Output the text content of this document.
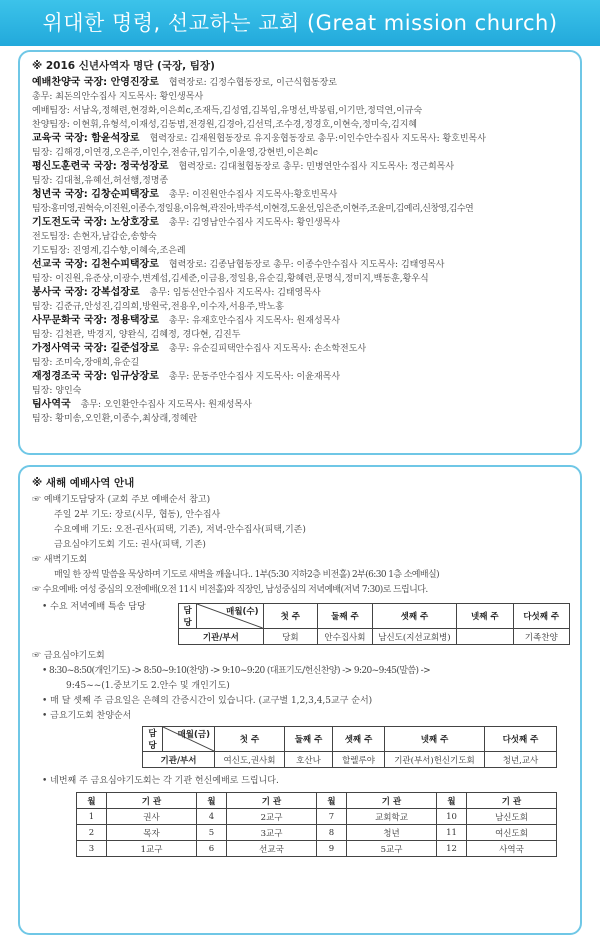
위대한 명령, 선교하는 교회 (Great mission church)
※ 2016 신년사역자 명단 (국장, 팀장)
예배찬양국 국장: 안영진장로 협력장로: 김정수협동장로, 이근식협동장로
총무: 최돈의안수집사 지도목사: 황인생목사
예배팀장: 서남옥,정해련,현경화,이은희c,조재득,김성엽,김복임,유명선,박봉림,이기만,정덕연,이규숙
찬양팀장: 이현휘,유형석,이재성,김동범,전경원,김경아,김선덕,조수경,정경호,이현숙,정미숙,김지혜
교육국 국장: 함윤석장로 협력장로: 김재원협동장로 유지웅협동장로 총무:이인수안수집사 지도목사: 황호빈목사
팀장: 김해경,이연경,오은주,이인수,전송규,임기수,이윤영,강현빈,이은희c
평신도훈련국 국장: 정국성장로 협력장로: 김대철협동장로 총무: 민병연안수집사 지도목사: 정근희목사
팀장: 김대철,유혜선,허선행,정명종
청년국 국장: 김창순피택장로 총무: 이진원안수집사 지도목사:황호빈목사
팀장:홍미영,권혁숙,이진원,이종수,정일용,이유혁,곽진아,박주석,이현경,도윤선,임은준,이현주,조윤미,김예리,신창영,김수연
기도전도국 국장: 노상호장로 총무: 김영남안수집사 지도목사: 황인생목사
전도팀장: 손현자,남갑순,송향숙
기도팀장: 진영계,김수향,이혜숙,조은례
선교국 국장: 김천수피택장로 협력장로: 김종남협동장로 총무: 이종수안수집사 지도목사: 김태영목사
팀장: 이진원,유준상,이광수,변계섭,김세준,이금용,정일용,유순길,황혜련,문명식,정미지,백동훈,황우식
봉사국 국장: 강복섭장로 총무: 임동선안수집사 지도목사: 김태영목사
팀장: 김준규,안성진,김의희,방원국,전용우,이수자,서용주,박노홍
사무문화국 국장: 정용택장로 총무: 유재호안수집사 지도목사: 원재성목사
팀장: 김천관, 박경지, 양완식, 김혜정, 경다현, 김진두
가정사역국 국장: 길준섭장로 총무: 유순길피택안수집사 지도목사: 손소학전도사
팀장: 조미숙,장애희,유순길
재정경조국 국장: 임규상장로 총무: 문동주안수집사 지도목사: 이윤재목사
팀장: 양인숙
팀사역국 총무: 오인환안수집사 지도목사: 원재성목사
팀장: 황미송,오인환,이종수,최상래,정혜란
※ 새해 예배사역 안내
☞ 예배기도담당자 (교회 주보 예배순서 참고)
주일 2부 기도: 장로(시무, 협동), 안수집사
수요예배 기도: 오전-권사(피택, 기존), 저녁-안수집사(피택,기존)
금요심야기도회 기도: 권사(피택, 기존)
☞ 새벽기도회
매일 한 장씩 말씀을 묵상하며 기도로 새벽을 깨웁니다.. 1부(5:30 지하2층 비전홀) 2부(6:30 1층 소예배실)
☞ 수요예배: 여성 중심의 오전예배(오전 11시 비전홀)와 직장인, 남성중심의 저녁예배(저녁 7:30)로 드립니다.
• 수요 저녁예배 특송 담당	담당	매월(수)	첫 주	둘째 주	셋째 주	넷째 주	다섯째 주
기관/부서		당회	안수집사회	남신도(지선교회병)		기족찬양
☞ 금요심야기도회
• 8:30~8:50(개인기도) -> 8:50~9:10(찬양) -> 9:10~9:20 (대표기도/헌신찬양) -> 9:20~9:45(말씀) ->
9:45~~(1.중보기도 2.안수 및 개인기도)
• 매 달 셋째 주 금요일은 은혜의 간증시간이 있습니다. (교구별 1,2,3,4,5교구 순서)
• 금요기도회 찬양순서
담당	매월(금)	첫 주	둘째 주	셋째 주	넷째 주	다섯째 주
기관/부서		여신도,권사회	호산나	할렐루야	기관(부서)헌신기도회	청년,교사
• 네번째 주 금요심야기도회는 각 기관 헌신예배로 드립니다.
월	기 관	월	기 관	월	기 관	월	기 관
1	권사	4	2교구	7	교회학교	10	남신도회
2	목자	5	3교구	8	청년	11	여신도회
3	1교구	6	선교국	9	5교구	12	사역국
